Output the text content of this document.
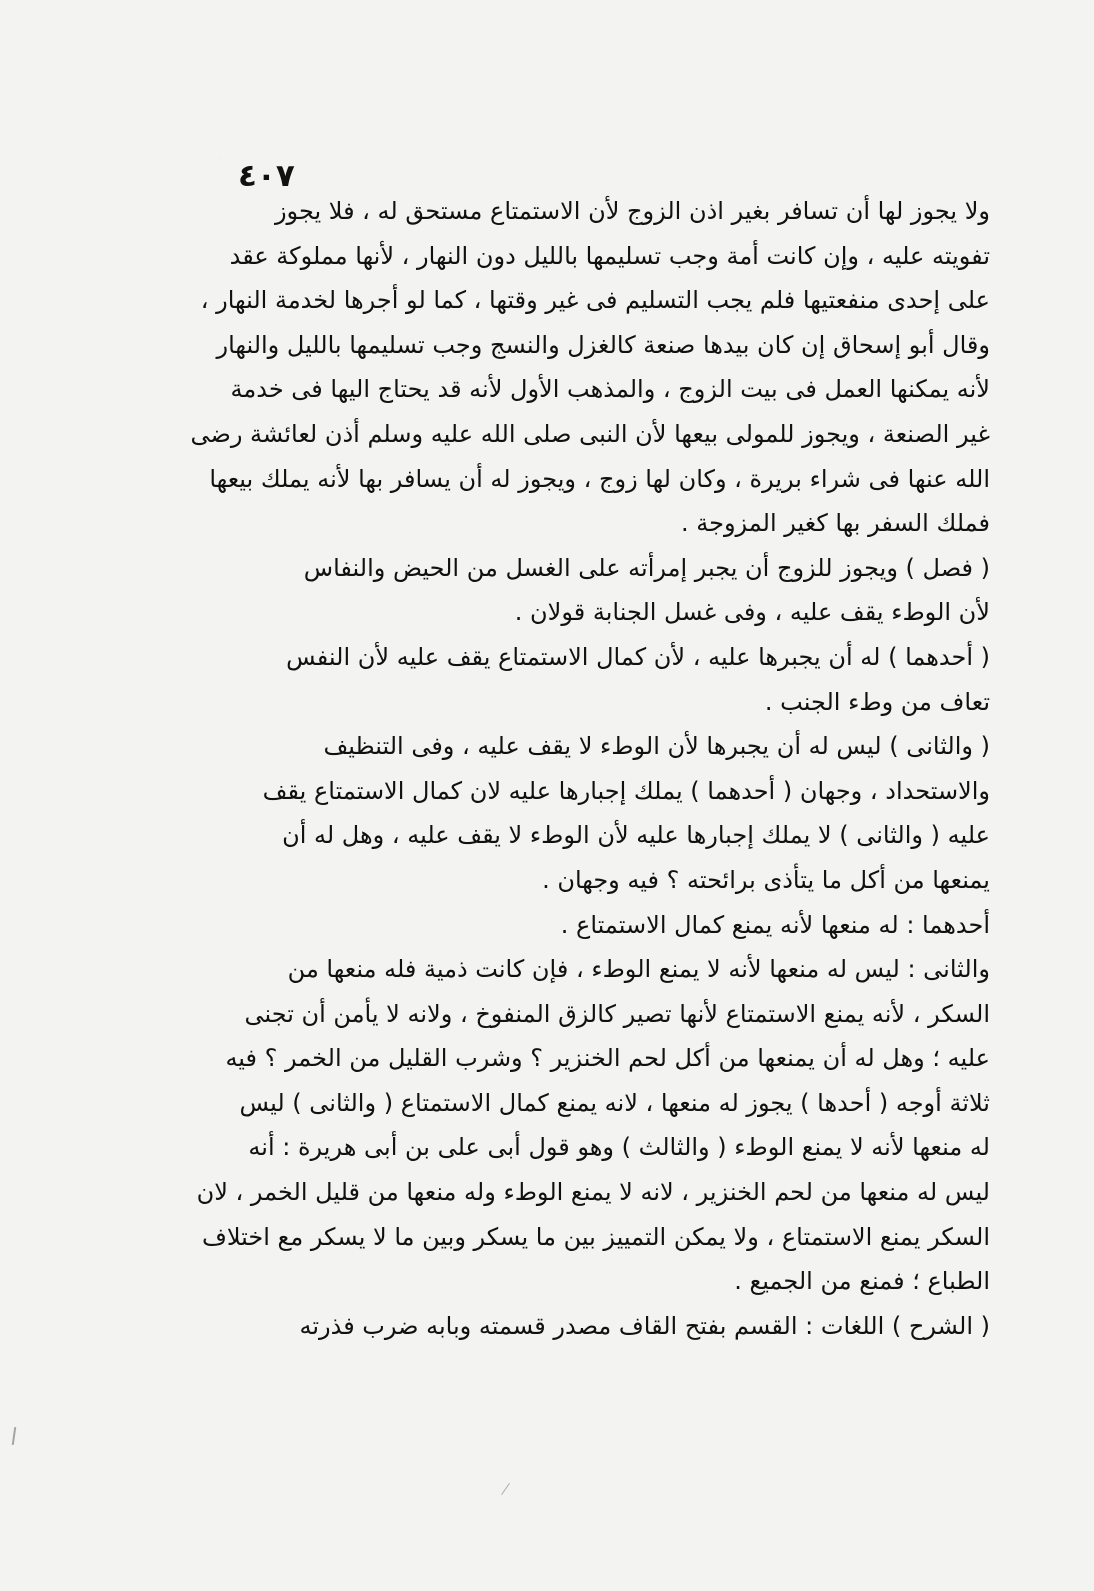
٤٠٧
ولا يجوز لها أن تسافر بغير اذن الزوج لأن الاستمتاع مستحق له ، فلا يجوز
تفويته عليه ، وإن كانت أمة وجب تسليمها بالليل دون النهار ، لأنها مملوكة عقد
على إحدى منفعتيها فلم يجب التسليم فى غير وقتها ، كما لو أجرها لخدمة النهار ،
وقال أبو إسحاق إن كان بيدها صنعة كالغزل والنسج وجب تسليمها بالليل والنهار
لأنه يمكنها العمل فى بيت الزوج ، والمذهب الأول لأنه قد يحتاج اليها فى خدمة
غير الصنعة ، ويجوز للمولى بيعها لأن النبى صلى الله عليه وسلم أذن لعائشة رضى
الله عنها فى شراء بريرة ، وكان لها زوج ، ويجوز له أن يسافر بها لأنه يملك بيعها
فملك السفر بها كغير المزوجة .
( فصل ) ويجوز للزوج أن يجبر إمرأته على الغسل من الحيض والنفاس
لأن الوطء يقف عليه ، وفى غسل الجنابة قولان .
( أحدهما ) له أن يجبرها عليه ، لأن كمال الاستمتاع يقف عليه لأن النفس
تعاف من وطء الجنب .
( والثانى ) ليس له أن يجبرها لأن الوطء لا يقف عليه ، وفى التنظيف
والاستحداد ، وجهان ( أحدهما ) يملك إجبارها عليه لان كمال الاستمتاع يقف
عليه ( والثانى ) لا يملك إجبارها عليه لأن الوطء لا يقف عليه ، وهل له أن
يمنعها من أكل ما يتأذى برائحته ؟ فيه وجهان .
أحدهما : له منعها لأنه يمنع كمال الاستمتاع .
والثانى : ليس له منعها لأنه لا يمنع الوطء ، فإن كانت ذمية فله منعها من
السكر ، لأنه يمنع الاستمتاع لأنها تصير كالزق المنفوخ ، ولانه لا يأمن أن تجنى
عليه ؛ وهل له أن يمنعها من أكل لحم الخنزير ؟ وشرب القليل من الخمر ؟ فيه
ثلاثة أوجه ( أحدها ) يجوز له منعها ، لانه يمنع كمال الاستمتاع ( والثانى ) ليس
له منعها لأنه لا يمنع الوطء ( والثالث ) وهو قول أبى على بن أبى هريرة : أنه
ليس له منعها من لحم الخنزير ، لانه لا يمنع الوطء وله منعها من قليل الخمر ، لان
السكر يمنع الاستمتاع ، ولا يمكن التمييز بين ما يسكر وبين ما لا يسكر مع اختلاف
الطباع ؛ فمنع من الجميع .
( الشرح ) اللغات : القسم بفتح القاف مصدر قسمته وبابه ضرب فذرته
